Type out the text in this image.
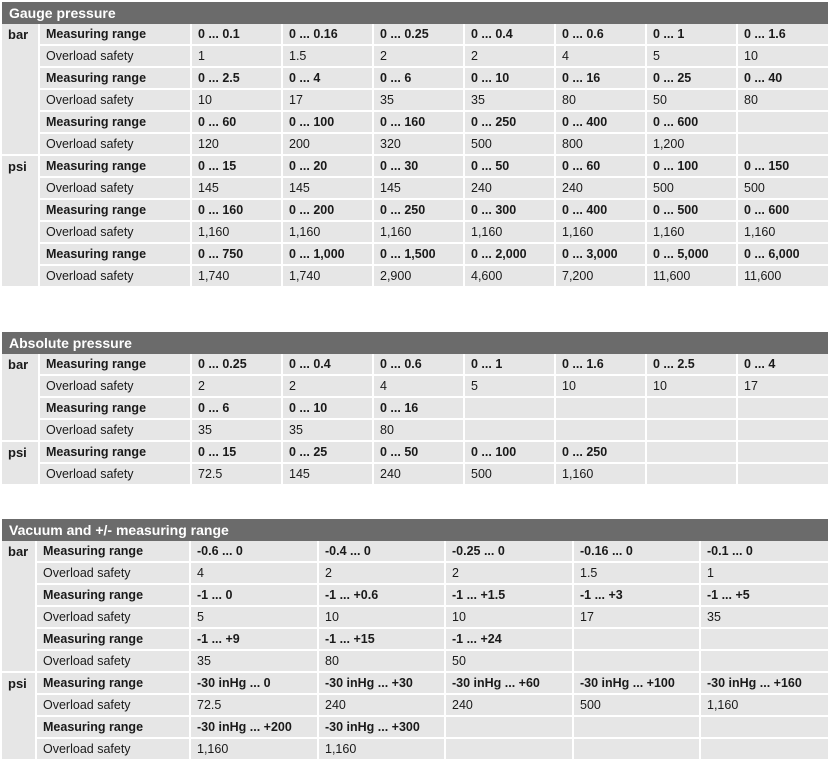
Gauge pressure
bar	Measuring range	0 ... 0.1	0 ... 0.16	0 ... 0.25	0 ... 0.4	0 ... 0.6	0 ... 1	0 ... 1.6
	Overload safety	1	1.5	2	2	4	5	10
	Measuring range	0 ... 2.5	0 ... 4	0 ... 6	0 ... 10	0 ... 16	0 ... 25	0 ... 40
	Overload safety	10	17	35	35	80	50	80
	Measuring range	0 ... 60	0 ... 100	0 ... 160	0 ... 250	0 ... 400	0 ... 600	
	Overload safety	120	200	320	500	800	1,200	
psi	Measuring range	0 ... 15	0 ... 20	0 ... 30	0 ... 50	0 ... 60	0 ... 100	0 ... 150
	Overload safety	145	145	145	240	240	500	500
	Measuring range	0 ... 160	0 ... 200	0 ... 250	0 ... 300	0 ... 400	0 ... 500	0 ... 600
	Overload safety	1,160	1,160	1,160	1,160	1,160	1,160	1,160
	Measuring range	0 ... 750	0 ... 1,000	0 ... 1,500	0 ... 2,000	0 ... 3,000	0 ... 5,000	0 ... 6,000
	Overload safety	1,740	1,740	2,900	4,600	7,200	11,600	11,600
Absolute pressure
bar	Measuring range	0 ... 0.25	0 ... 0.4	0 ... 0.6	0 ... 1	0 ... 1.6	0 ... 2.5	0 ... 4
	Overload safety	2	2	4	5	10	10	17
	Measuring range	0 ... 6	0 ... 10	0 ... 16				
	Overload safety	35	35	80				
psi	Measuring range	0 ... 15	0 ... 25	0 ... 50	0 ... 100	0 ... 250		
	Overload safety	72.5	145	240	500	1,160		
Vacuum and +/- measuring range
bar	Measuring range	-0.6 ... 0	-0.4 ... 0	-0.25 ... 0	-0.16 ... 0	-0.1 ... 0
	Overload safety	4	2	2	1.5	1
	Measuring range	-1 ... 0	-1 ... +0.6	-1 ... +1.5	-1 ... +3	-1 ... +5
	Overload safety	5	10	10	17	35
	Measuring range	-1 ... +9	-1 ... +15	-1 ... +24		
	Overload safety	35	80	50		
psi	Measuring range	-30 inHg ... 0	-30 inHg ... +30	-30 inHg ... +60	-30 inHg ... +100	-30 inHg ... +160
	Overload safety	72.5	240	240	500	1,160
	Measuring range	-30 inHg ... +200	-30 inHg ... +300			
	Overload safety	1,160	1,160			
